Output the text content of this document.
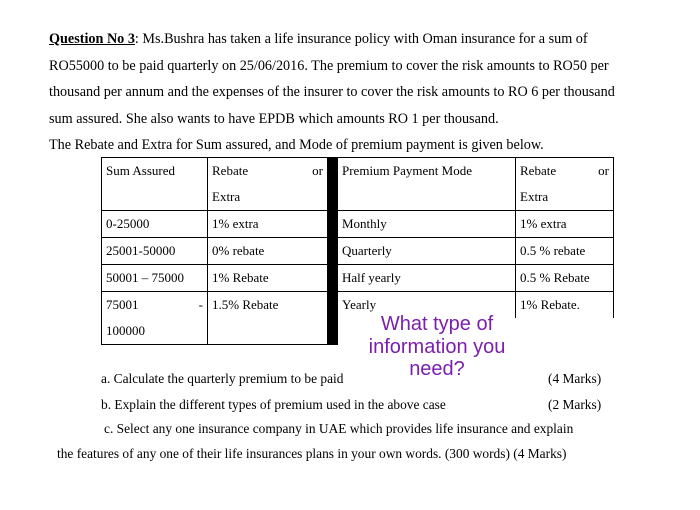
Question No 3: Ms.Bushra has taken a life insurance policy with Oman insurance for a sum of

RO55000 to be paid quarterly on 25/06/2016. The premium to cover the risk amounts to RO50 per

thousand per annum and the expenses of the insurer to cover the risk amounts to RO 6 per thousand

sum assured. She also wants to have EPDB which amounts RO 1 per thousand.

The Rebate and Extra for Sum assured, and Mode of premium payment is given below.

Sum Assured	Rebate or		Premium Payment Mode	Rebate or

	Extra			Extra
0-25000	1% extra		Monthly	1% extra
25001-50000	0% rebate		Quarterly	0.5 % rebate
50001 – 75000	1% Rebate		Half yearly	0.5 % Rebate

75001 -	1.5% Rebate		Yearly	1% Rebate.
100000					What type of
information you
need?
a. Calculate the quarterly premium to be paid	(4 Marks)
b. Explain the different types of premium used in the above case	(2 Marks)
c. Select any one insurance company in UAE which provides life insurance and explain
the features of any one of their life insurances plans in your own words. (300 words) (4 Marks)
